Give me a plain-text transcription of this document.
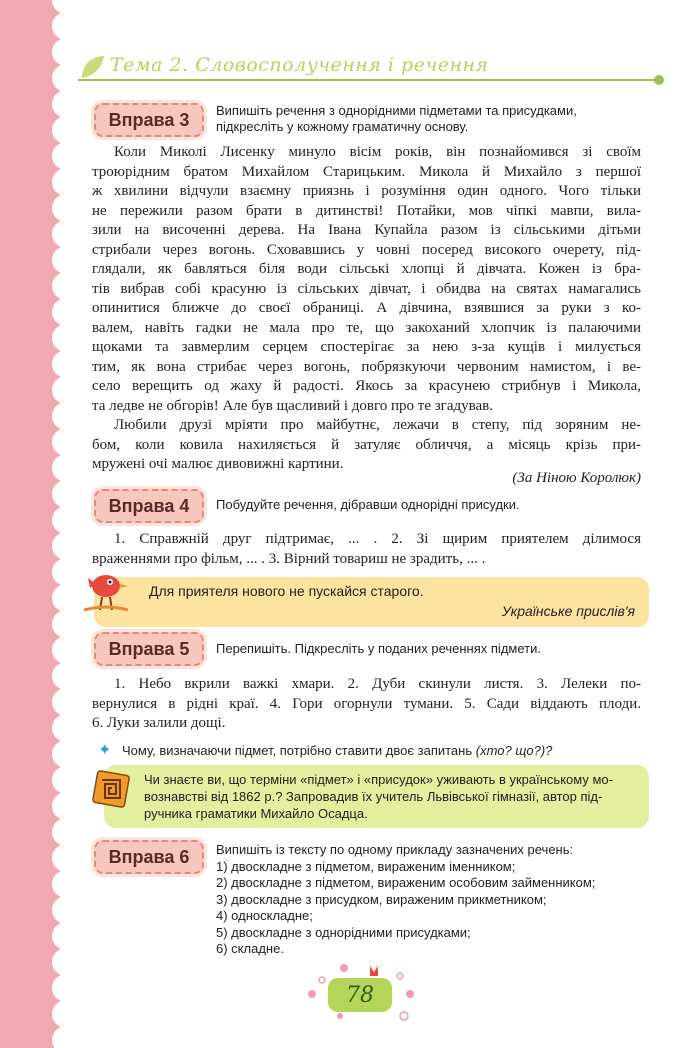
Тема 2. Словосполучення і речення
Вправа 3	Випишіть речення з однорідними підметами та присудками,
підкресліть у кожному граматичну основу.
Коли Миколі Лисенку минуло вісім років, він познайомився зі своїм
троюрідним братом Михайлом Старицьким. Микола й Михайло з першої
ж хвилини відчули взаємну приязнь і розуміння один одного. Чого тільки
не пережили разом брати в дитинстві! Потайки, мов чіпкі мавпи, вила-
зили на височенні дерева. На Івана Купайла разом із сільськими дітьми
стрибали через вогонь. Сховавшись у човні посеред високого очерету, під-
глядали, як бавляться біля води сільські хлопці й дівчата. Кожен із бра-
тів вибрав собі красуню із сільських дівчат, і обидва на святах намагались
опинитися ближче до своєї обраниці. А дівчина, взявшися за руки з ко-
валем, навіть гадки не мала про те, що закоханий хлопчик із палаючими
щоками та завмерлим серцем спостерігає за нею з-за кущів і милується
тим, як вона стрибає через вогонь, побрязкуючи червоним намистом, і ве-
село верещить од жаху й радості. Якось за красунею стрибнув і Микола,
та ледве не обгорів! Але був щасливий і довго про те згадував.
Любили друзі мріяти про майбутнє, лежачи в степу, під зоряним не-
бом, коли ковила нахиляється й затуляє обличчя, а місяць крізь при-
мружені очі малює дивовижні картини.
(За Ніною Королюк)
Вправа 4	Побудуйте речення, дібравши однорідні присудки.
1. Справжній друг підтримає, ... . 2. Зі щирим приятелем ділимося
враженнями про фільм, ... . 3. Вірний товариш не зрадить, ... .
Для приятеля нового не пускайся старого.
Українське прислів'я
Вправа 5	Перепишіть. Підкресліть у поданих реченнях підмети.
1. Небо вкрили важкі хмари. 2. Дуби скинули листя. 3. Лелеки по-
вернулися в рідні краї. 4. Гори огорнули тумани. 5. Сади віддають плоди.
6. Луки залили дощі.
✦ Чому, визначаючи підмет, потрібно ставити двоє запитань (хто? що?)?
Чи знаєте ви, що терміни «підмет» і «присудок» уживають в українському мо-
вознавстві від 1862 р.? Запровадив їх учитель Львівської гімназії, автор під-
ручника граматики Михайло Осадца.
Вправа 6	Випишіть із тексту по одному прикладу зазначених речень:
1) двоскладне з підметом, вираженим іменником;
2) двоскладне з підметом, вираженим особовим займенником;
3) двоскладне з присудком, вираженим прикметником;
4) односкладне;
5) двоскладне з однорідними присудками;
6) складне.
78
